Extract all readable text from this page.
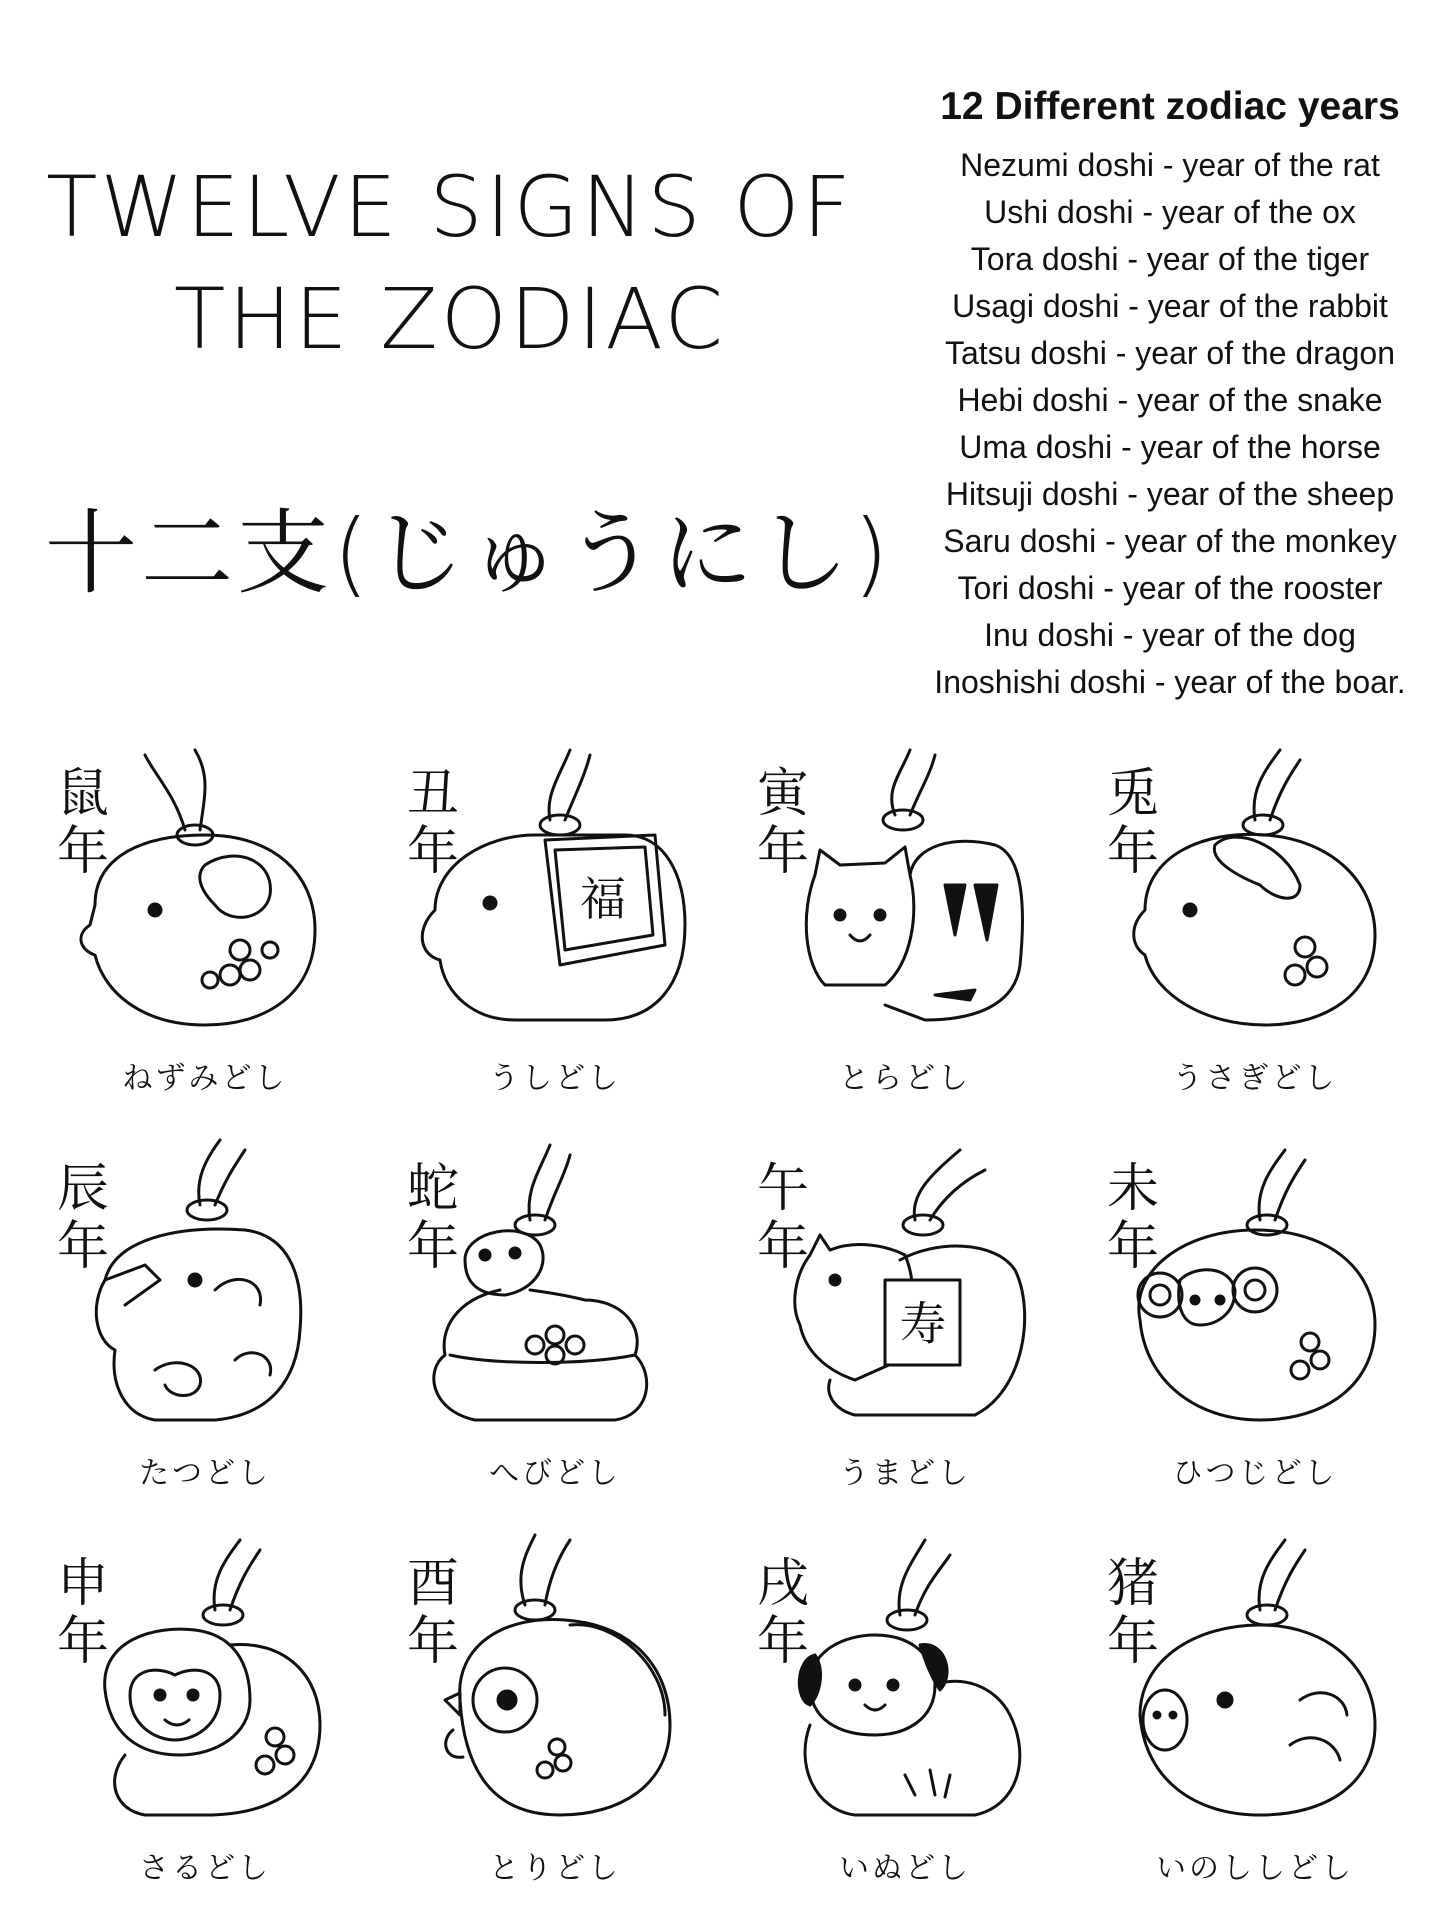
TWELVE SIGNS OF
THE ZODIAC
十二支(じゅうにし)
12 Different zodiac years
Nezumi doshi - year of the rat
Ushi doshi - year of the ox
Tora doshi - year of the tiger
Usagi doshi - year of the rabbit
Tatsu doshi - year of the dragon
Hebi doshi - year of the snake
Uma doshi - year of the horse
Hitsuji doshi - year of the sheep
Saru doshi - year of the monkey
Tori doshi - year of the rooster
Inu doshi - year of the dog
Inoshishi doshi - year of the boar.
鼠
年
ねずみどし
福
丑
年
うしどし
寅
年
とらどし
兎
年
うさぎどし
辰
年
たつどし
蛇
年
へびどし
寿
午
年
うまどし
未
年
ひつじどし
申
年
さるどし
酉
年
とりどし
戌
年
いぬどし
猪
年
いのししどし
